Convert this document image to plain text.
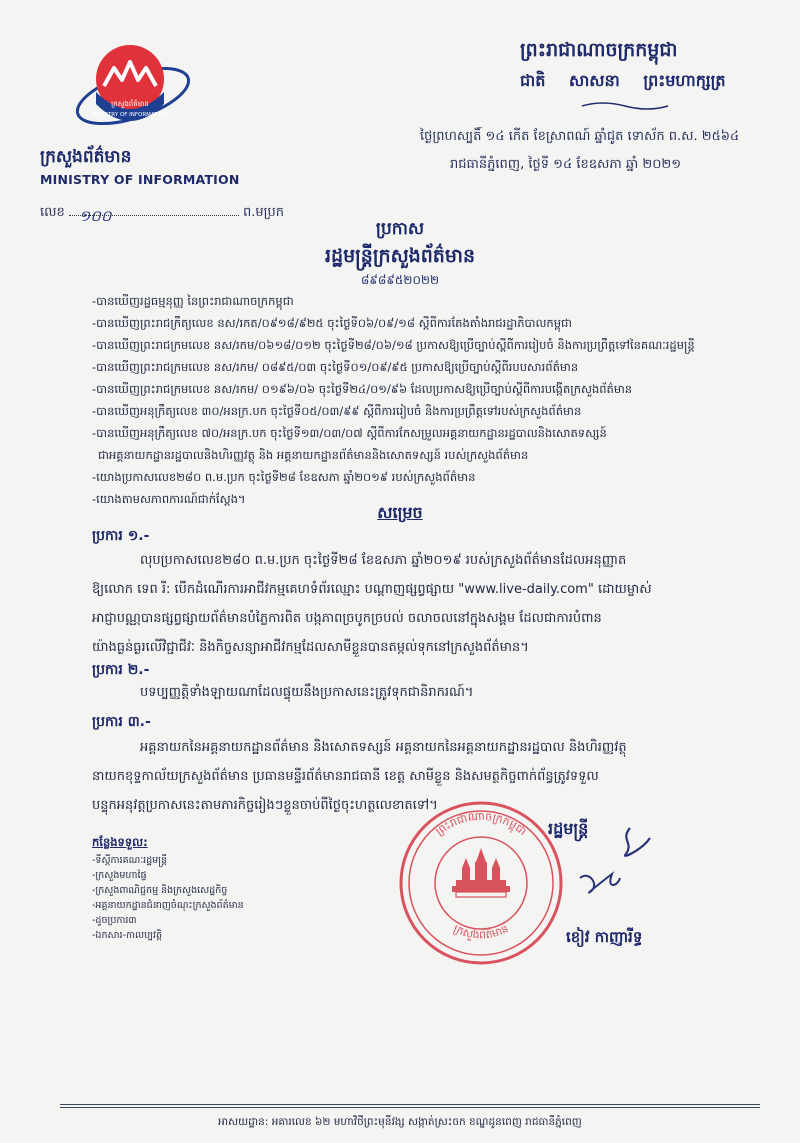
ក្រសួងព័ត៌មាន
MINISTRY OF INFORMATION
ក្រសួងព័ត៌មាន
MINISTRY OF INFORMATION
ព្រះរាជាណាចក្រកម្ពុជា
ជាតិ សាសនា ព្រះមហាក្សត្រ
ថ្ងៃព្រហស្បតិ៍ ១៤ កើត ខែស្រាពណ៍ ឆ្នាំជូត ទោស័ក ព.ស. ២៥៦៤
រាជធានីភ្នំពេញ, ថ្ងៃទី ១៤ ខែឧសភា ឆ្នាំ ២០២១
លេខ ១០០	ព.មប្រក
ប្រកាស
រដ្ឋមន្ត្រីក្រសួងព័ត៌មាន
៨៩៨៩៥២០២២
-បានឃើញរដ្ឋធម្មនុញ្ញ នៃព្រះរាជាណាចក្រកម្ពុជា
-បានឃើញព្រះរាជក្រឹត្យលេខ នស/រកត/០៩១៨/៩២៥ ចុះថ្ងៃទី០៦/០៩/១៨ ស្តីពីការតែងតាំងរាជរដ្ឋាភិបាលកម្ពុជា
-បានឃើញព្រះរាជក្រមលេខ នស/រកម/០៦១៨/០១២ ចុះថ្ងៃទី២៨/០៦/១៨ ប្រកាសឱ្យប្រើច្បាប់ស្តីពីការរៀបចំ និងការប្រព្រឹត្តទៅនៃគណៈរដ្ឋមន្ត្រី
-បានឃើញព្រះរាជក្រមលេខ នស/រកម/ ០៨៩៥/០៣ ចុះថ្ងៃទី០១/០៩/៩៥ ប្រកាសឱ្យប្រើច្បាប់ស្តីពីរបបសារព័ត៌មាន
-បានឃើញព្រះរាជក្រមលេខ នស/រកម/ ០១៩៦/០៦ ចុះថ្ងៃទី២៤/០១/៩៦ ដែលប្រកាសឱ្យប្រើច្បាប់ស្តីពីការបង្កើតក្រសួងព័ត៌មាន
-បានឃើញអនុក្រឹត្យលេខ ៣០/អនក្រ.បក ចុះថ្ងៃទី០៥/០៣/៩៩ ស្តីពីការរៀបចំ និងការប្រព្រឹត្តទៅរបស់ក្រសួងព័ត៌មាន
-បានឃើញអនុក្រឹត្យលេខ ៧០/អនក្រ.បក ចុះថ្ងៃទី១៣/០៣/០៧ ស្តីពីការកែសម្រួលអគ្គនាយកដ្ឋានរដ្ឋបាលនិងសោតទស្សន៍
ជាអគ្គនាយកដ្ឋានរដ្ឋបាលនិងហិរញ្ញវត្ថុ និង អគ្គនាយកដ្ឋានព័ត៌មាននិងសោតទស្សន៍ របស់ក្រសួងព័ត៌មាន
-យោងប្រកាសលេខ២៨០ ព.ម.ប្រក ចុះថ្ងៃទី២៨ ខែឧសភា ឆ្នាំ២០១៩ របស់ក្រសួងព័ត៌មាន
-យោងតាមសភាពការណ៍ជាក់ស្តែង។
សម្រេច
ប្រការ ១.-
លុបប្រកាសលេខ២៨០ ព.ម.ប្រក ចុះថ្ងៃទី២៨ ខែឧសភា ឆ្នាំ២០១៩ របស់ក្រសួងព័ត៌មានដែលអនុញ្ញាត
ឱ្យលោក ទេព រី: បើកដំណើរការអាជីវកម្មគេហទំព័រឈ្មោះ បណ្តាញផ្សព្វផ្សាយ "www.live-daily.com" ដោយម្ចាស់
អាជ្ញាបណ្ណបានផ្សព្វផ្សាយព័ត៌មានបំភ្លៃការពិត បង្កភាពច្របូកច្របល់ ចលាចលនៅក្នុងសង្គម ដែលជាការបំពាន
យ៉ាងធ្ងន់ធ្ងរលើវិជ្ជាជីវៈ និងកិច្ចសន្យាអាជីវកម្មដែលសាមីខ្លួនបានតម្កល់ទុកនៅក្រសួងព័ត៌មាន។
ប្រការ ២.-
បទប្បញ្ញត្តិទាំងឡាយណាដែលផ្ទុយនឹងប្រកាសនេះត្រូវទុកជានិរាករណ៍។
ប្រការ ៣.-
អគ្គនាយកនៃអគ្គនាយកដ្ឋានព័ត៌មាន និងសោតទស្សន៍ អគ្គនាយកនៃអគ្គនាយកដ្ឋានរដ្ឋបាល និងហិរញ្ញវត្ថុ
នាយកខុទ្ទកាល័យក្រសួងព័ត៌មាន ប្រធានមន្ទីរព័ត៌មានរាជធានី ខេត្ត សាមីខ្លួន និងសមត្ថកិច្ចពាក់ព័ន្ធត្រូវទទួល
បន្ទុកអនុវត្តប្រកាសនេះតាមភារកិច្ចរៀងៗខ្លួនចាប់ពីថ្ងៃចុះហត្ថលេខាតទៅ។
កន្លែងទទួល:
-ទីស្តីការគណៈរដ្ឋមន្ត្រី
-ក្រសួងមហាផ្ទៃ
-ក្រសួងពាណិជ្ជកម្ម និងក្រសួងសេដ្ឋកិច្ច
-អគ្គនាយកដ្ឋានជំនាញចំណុះក្រសួងព័ត៌មាន
-ដូចប្រការ៣
-ឯកសារ-កាលប្បវត្តិ
ព្រះរាជាណាចក្រកម្ពុជា
ក្រសួងព័ត៌មាន
រដ្ឋមន្ត្រី
ខៀវ កាញារីទ្ធ
អាសយដ្ឋាន: អគារលេខ ៦២ មហាវិថីព្រះមុនីវង្ស សង្កាត់ស្រះចក ខណ្ឌដូនពេញ រាជធានីភ្នំពេញ
